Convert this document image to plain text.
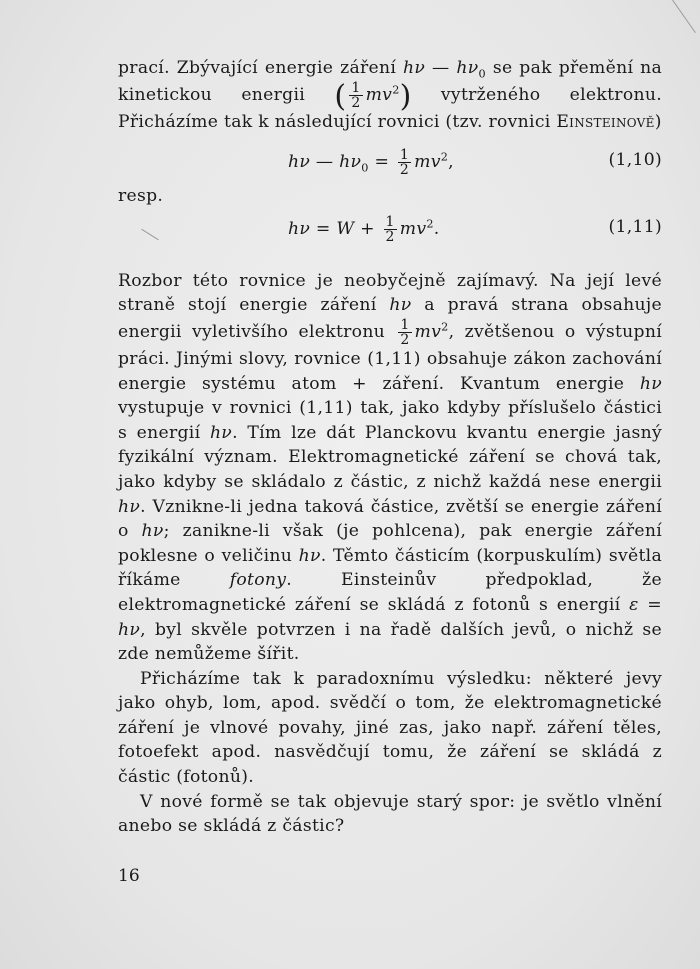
prací. Zbývající energie záření hν — $h\nu_0$ se pak přemění na kinetickou energii ( $\frac{1}{2} mv^2$) vytrženého elektronu. Přicházíme tak k následující rovnici (tzv. rovnici Einsteinově)

hν — $h\nu_0 = \frac{1}{2} mv^2$,	(1,10)

resp.

$h\nu = W + \frac{1}{2} mv^2$.	(1,11)

Rozbor této rovnice je neobyčejně zajímavý. Na její levé straně stojí energie záření hν a pravá strana obsahuje energii vyletivšího elektronu $\frac{1}{2} mv^2$, zvětšenou o výstupní práci. Jinými slovy, rovnice (1,11) obsahuje zákon zachování energie systému atom + záření. Kvantum energie hν vystupuje v rovnici (1,11) tak, jako kdyby příslušelo částici s energií hν. Tím lze dát Planckovu kvantu energie jasný fyzikální význam. Elektromagnetické záření se chová tak, jako kdyby se skládalo z částic, z nichž každá nese energii hν. Vznikne-li jedna taková částice, zvětší se energie záření o hν; zanikne-li však (je pohlcena), pak energie záření poklesne o veličinu hν. Těmto částicím (korpuskulím) světla říkáme fotony. Einsteinův předpoklad, že elektromagnetické záření se skládá z fotonů s energií ε = hν, byl skvěle potvrzen i na řadě dalších jevů, o nichž se zde nemůžeme šířit.

Přicházíme tak k paradoxnímu výsledku: některé jevy jako ohyb, lom, apod. svědčí o tom, že elektromagnetické záření je vlnové povahy, jiné zas, jako např. záření těles, fotoefekt apod. nasvědčují tomu, že záření se skládá z částic (fotonů).

V nové formě se tak objevuje starý spor: je světlo vlnění anebo se skládá z částic?

16
